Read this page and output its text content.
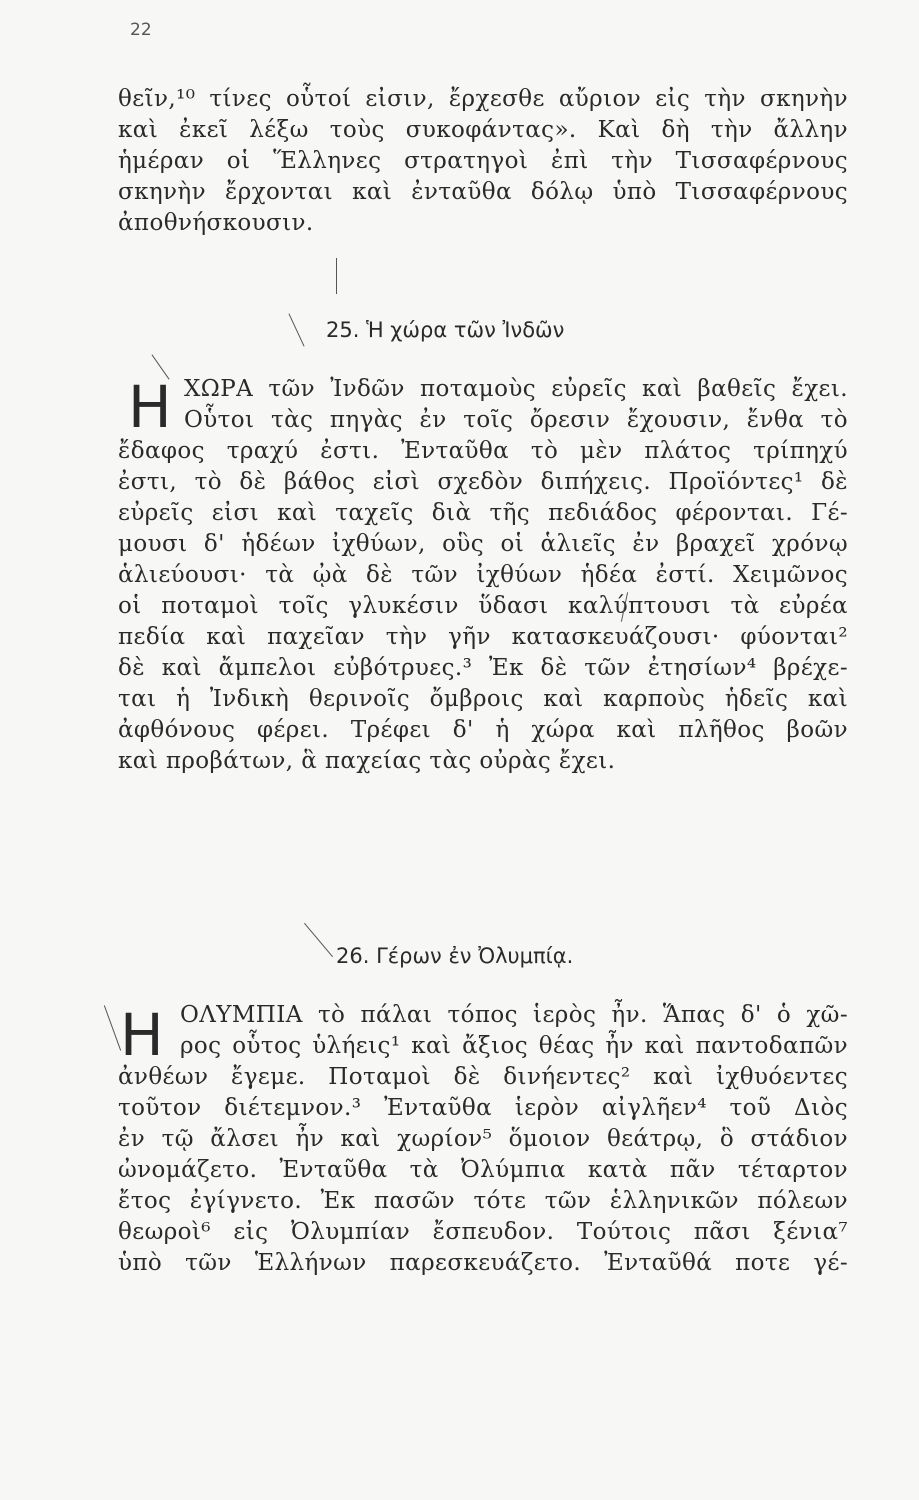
22
θεῖν,¹⁰ τίνες οὗτοί εἰσιν, ἔρχεσθε αὔριον εἰς τὴν σκηνὴν
καὶ ἐκεῖ λέξω τοὺς συκοφάντας». Καὶ δὴ τὴν ἄλλην
ἡμέραν οἱ Ἕλληνες στρατηγοὶ ἐπὶ τὴν Τισσαφέρνους
σκηνὴν ἔρχονται καὶ ἐνταῦθα δόλῳ ὑπὸ Τισσαφέρνους
ἀποθνήσκουσιν.
25. Ἡ χώρα τῶν Ἰνδῶν
H ΧΩΡΑ τῶν Ἰνδῶν ποταμοὺς εὐρεῖς καὶ βαθεῖς ἔχει.
Οὗτοι τὰς πηγὰς ἐν τοῖς ὄρεσιν ἔχουσιν, ἔνθα τὸ
ἔδαφος τραχύ ἐστι. Ἐνταῦθα τὸ μὲν πλάτος τρίπηχύ
ἐστι, τὸ δὲ βάθος εἰσὶ σχεδὸν διπήχεις. Προϊόντες¹ δὲ
εὐρεῖς εἰσι καὶ ταχεῖς διὰ τῆς πεδιάδος φέρονται. Γέ-
μουσι δ' ἡδέων ἰχθύων, οὓς οἱ ἁλιεῖς ἐν βραχεῖ χρόνῳ
ἁλιεύουσι· τὰ ᾠὰ δὲ τῶν ἰχθύων ἡδέα ἐστί. Χειμῶνος
οἱ ποταμοὶ τοῖς γλυκέσιν ὕδασι καλύπτουσι τὰ εὐρέα
πεδία καὶ παχεῖαν τὴν γῆν κατασκευάζουσι· φύονται²
δὲ καὶ ἄμπελοι εὐβότρυες.³ Ἐκ δὲ τῶν ἐτησίων⁴ βρέχε-
ται ἡ Ἰνδικὴ θερινοῖς ὄμβροις καὶ καρποὺς ἡδεῖς καὶ
ἀφθόνους φέρει. Τρέφει δ' ἡ χώρα καὶ πλῆθος βοῶν
καὶ προβάτων, ἃ παχείας τὰς οὐρὰς ἔχει.
26. Γέρων ἐν Ὀλυμπίᾳ.
H ΟΛΥΜΠΙΑ τὸ πάλαι τόπος ἱερὸς ἦν. Ἅπας δ' ὁ χῶ-
ρος οὗτος ὑλήεις¹ καὶ ἄξιος θέας ἦν καὶ παντοδαπῶν
ἀνθέων ἔγεμε. Ποταμοὶ δὲ δινήεντες² καὶ ἰχθυόεντες
τοῦτον διέτεμνον.³ Ἐνταῦθα ἱερὸν αἰγλῆεν⁴ τοῦ Διὸς
ἐν τῷ ἄλσει ἦν καὶ χωρίον⁵ ὅμοιον θεάτρῳ, ὃ στάδιον
ὠνομάζετο. Ἐνταῦθα τὰ Ὀλύμπια κατὰ πᾶν τέταρτον
ἔτος ἐγίγνετο. Ἐκ πασῶν τότε τῶν ἑλληνικῶν πόλεων
θεωροὶ⁶ εἰς Ὀλυμπίαν ἔσπευδον. Τούτοις πᾶσι ξένια⁷
ὑπὸ τῶν Ἑλλήνων παρεσκευάζετο. Ἐνταῦθά ποτε γέ-
